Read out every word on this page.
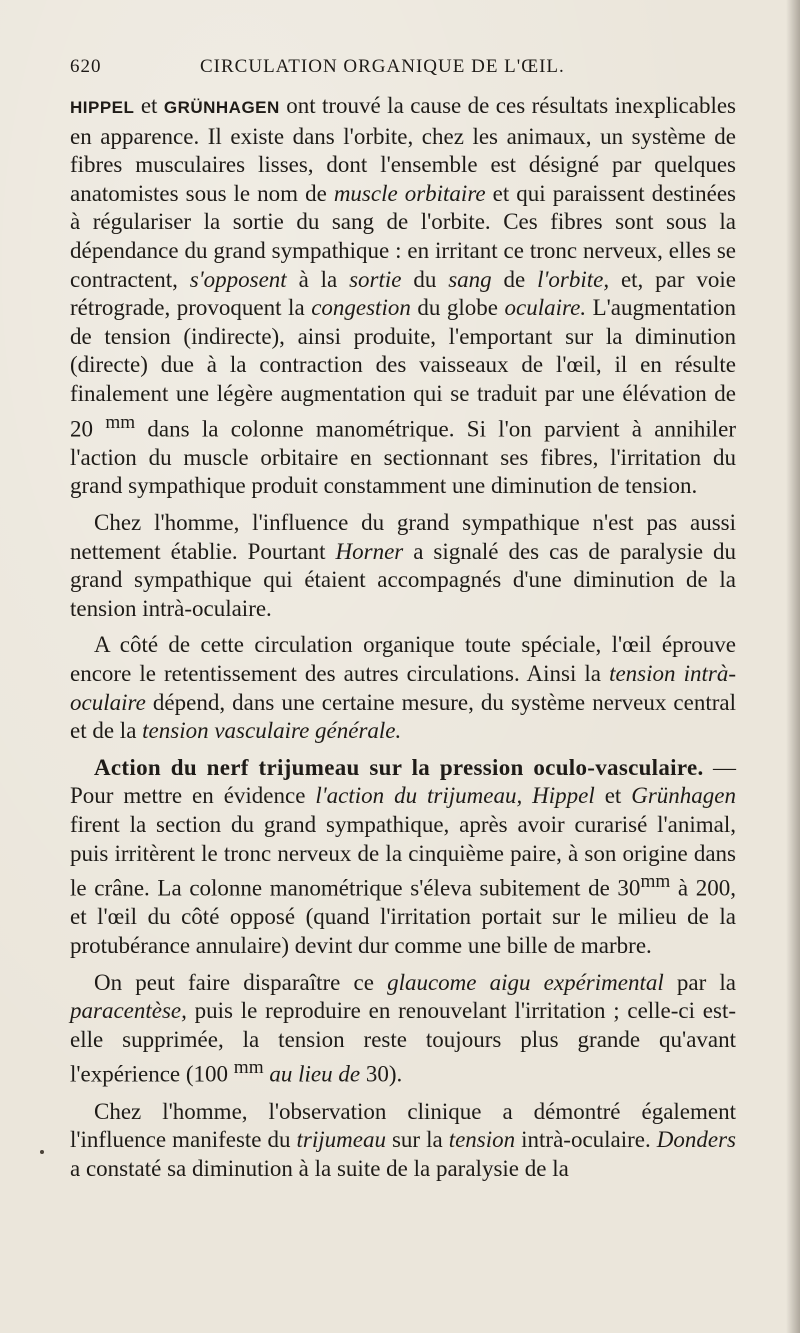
620	CIRCULATION ORGANIQUE DE L'ŒIL.

HIPPEL et GRÜNHAGEN ont trouvé la cause de ces résultats inexplicables en apparence. Il existe dans l'orbite, chez les animaux, un système de fibres musculaires lisses, dont l'ensemble est désigné par quelques anatomistes sous le nom de muscle orbitaire et qui paraissent destinées à régulariser la sortie du sang de l'orbite. Ces fibres sont sous la dépendance du grand sympathique : en irritant ce tronc nerveux, elles se contractent, s'opposent à la sortie du sang de l'orbite, et, par voie rétrograde, provoquent la congestion du globe oculaire. L'augmentation de tension (indirecte), ainsi produite, l'emportant sur la diminution (directe) due à la contraction des vaisseaux de l'œil, il en résulte finalement une légère augmentation qui se traduit par une élévation de 20 $^{mm}$ dans la colonne manométrique. Si l'on parvient à annihiler l'action du muscle orbitaire en sectionnant ses fibres, l'irritation du grand sympathique produit constamment une diminution de tension.

Chez l'homme, l'influence du grand sympathique n'est pas aussi nettement établie. Pourtant Horner a signalé des cas de paralysie du grand sympathique qui étaient accompagnés d'une diminution de la tension intrà-oculaire.

A côté de cette circulation organique toute spéciale, l'œil éprouve encore le retentissement des autres circulations. Ainsi la tension intrà-oculaire dépend, dans une certaine mesure, du système nerveux central et de la tension vasculaire générale.

Action du nerf trijumeau sur la pression oculo-vasculaire. — Pour mettre en évidence l'action du trijumeau, Hippel et Grünhagen firent la section du grand sympathique, après avoir curarisé l'animal, puis irritèrent le tronc nerveux de la cinquième paire, à son origine dans le crâne. La colonne manométrique s'éleva subitement de $30^{mm}$ à 200, et l'œil du côté opposé (quand l'irritation portait sur le milieu de la protubérance annulaire) devint dur comme une bille de marbre.

On peut faire disparaître ce glaucome aigu expérimental par la paracentèse, puis le reproduire en renouvelant l'irritation ; celle-ci est-elle supprimée, la tension reste toujours plus grande qu'avant l'expérience (100 $^{mm}$ au lieu de 30).

Chez l'homme, l'observation clinique a démontré également l'influence manifeste du trijumeau sur la tension intrà-oculaire. Donders a constaté sa diminution à la suite de la paralysie de la
